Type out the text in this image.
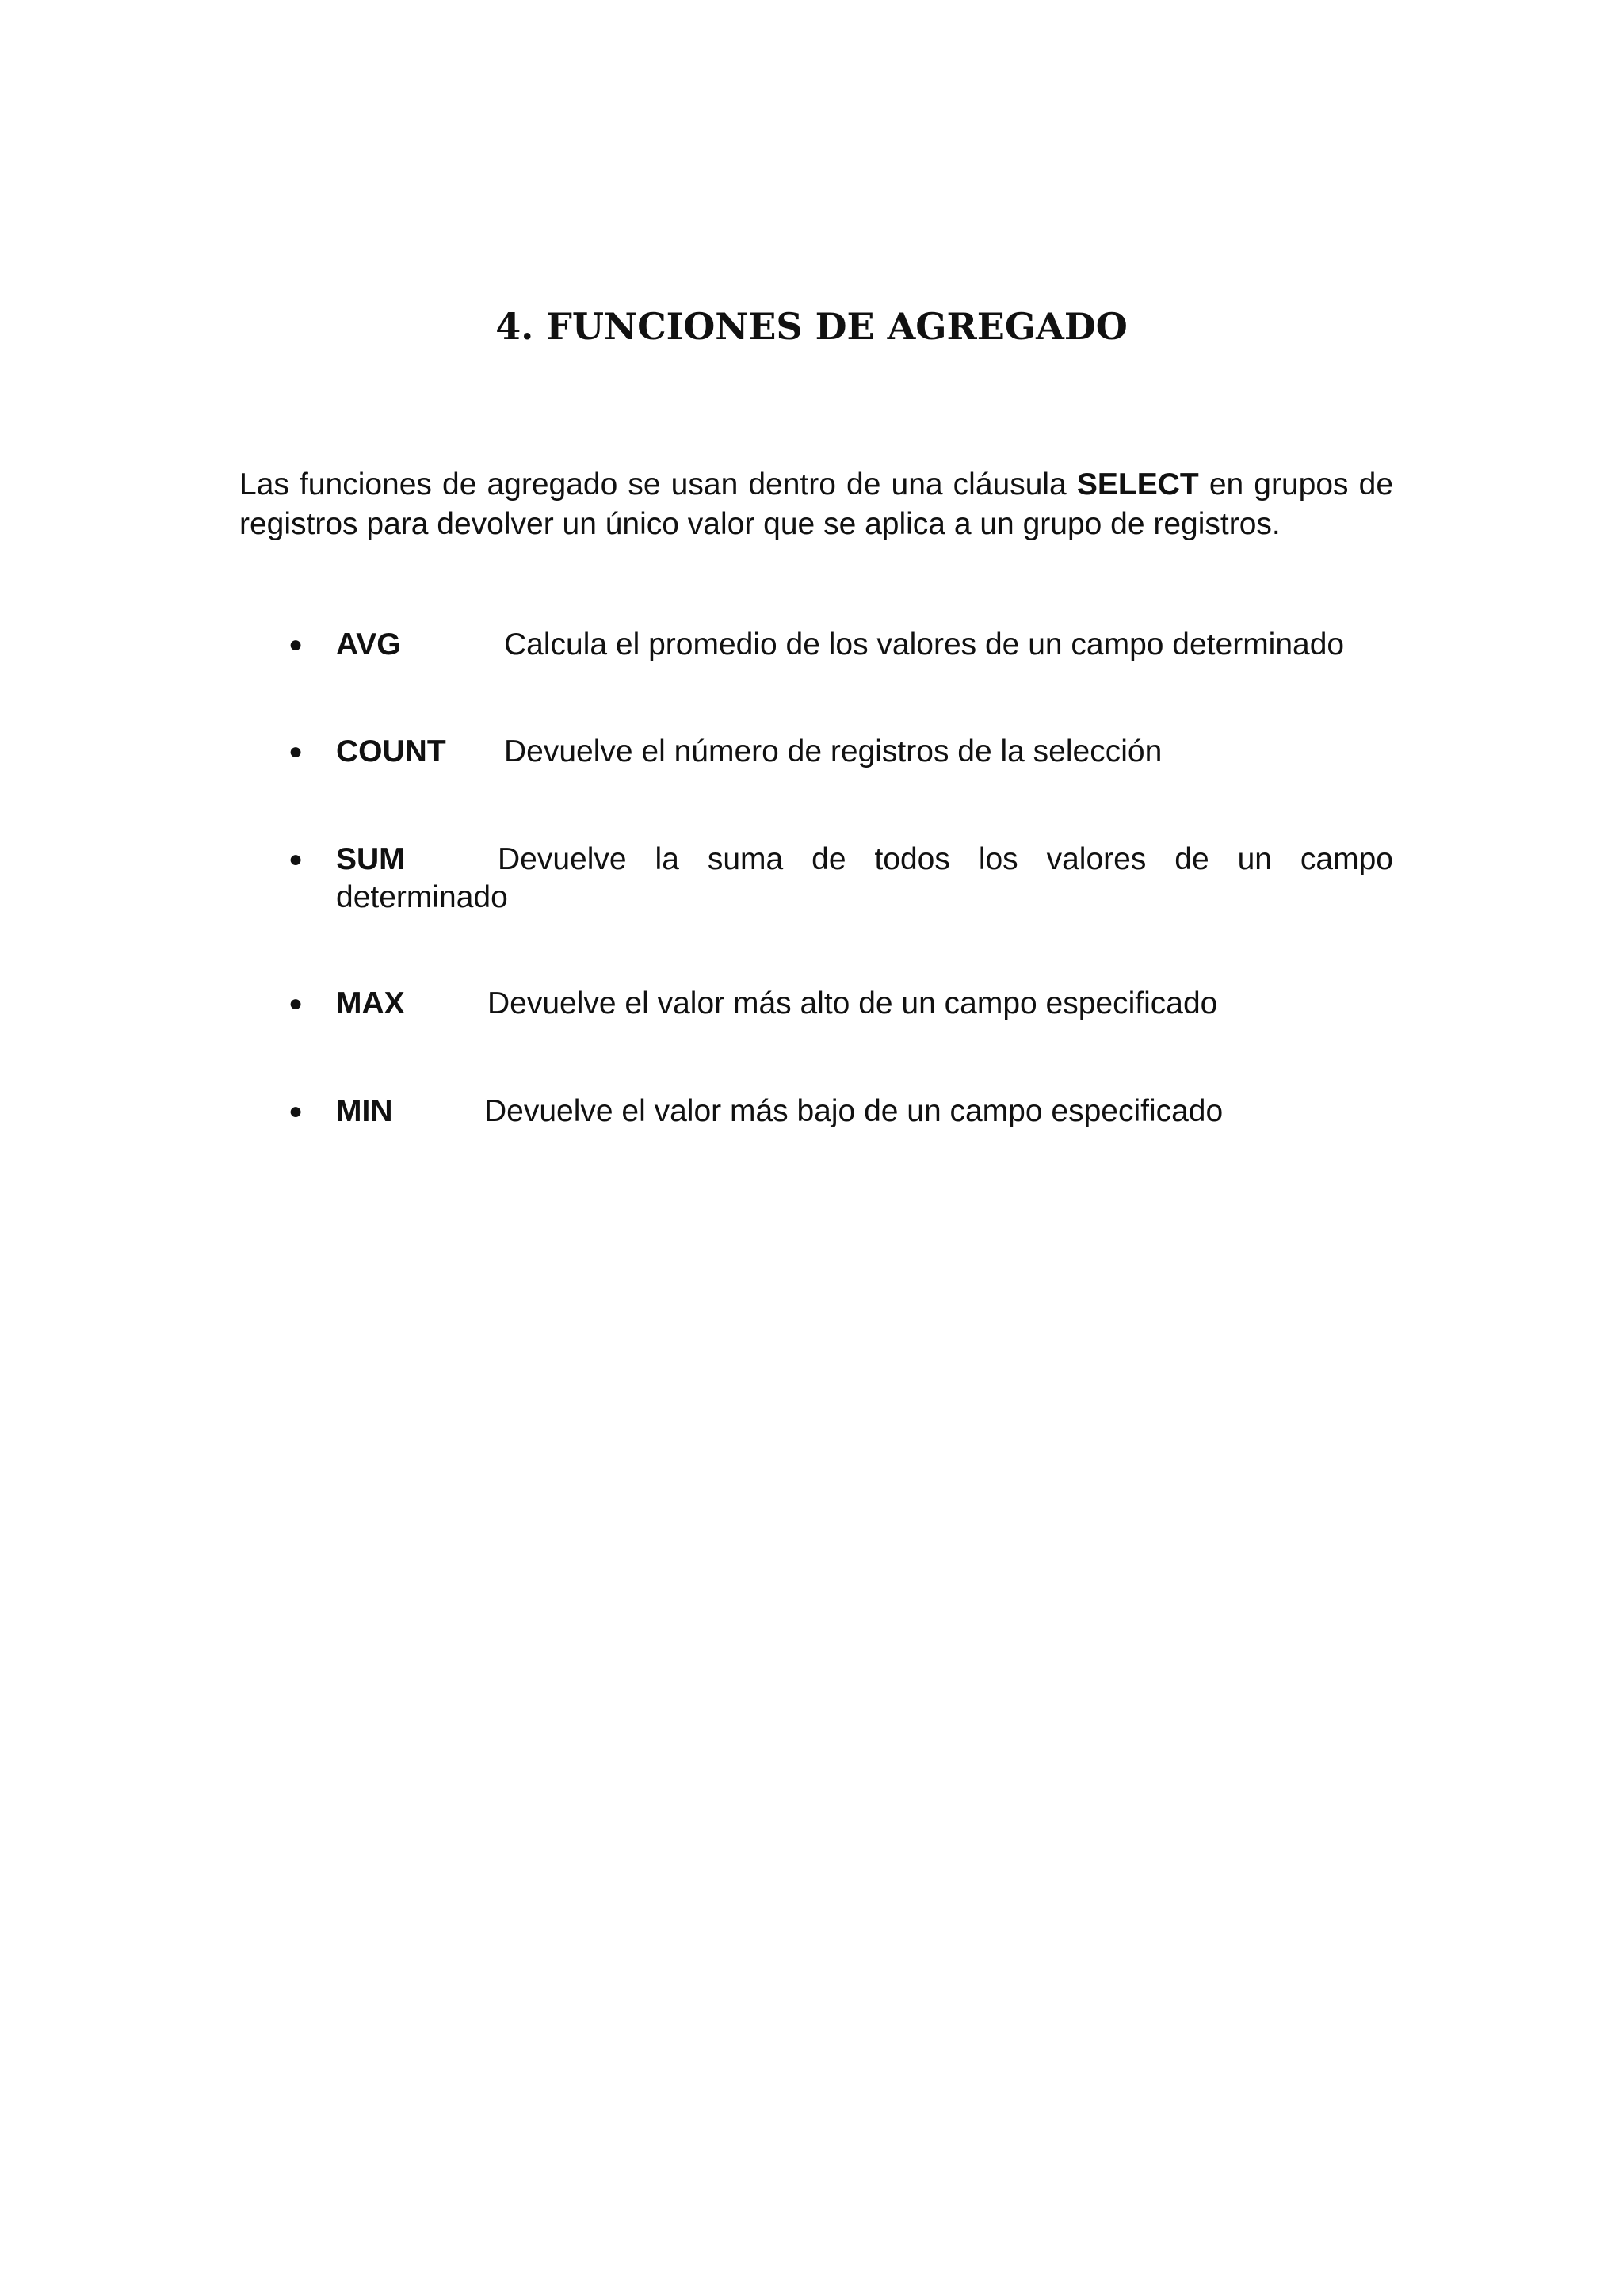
4. FUNCIONES DE AGREGADO

Las funciones de agregado se usan dentro de una cláusula SELECT en grupos de registros para devolver un único valor que se aplica a un grupo de registros.

● AVG	Calcula el promedio de los valores de un campo determinado
● COUNT Devuelve el número de registros de la selección
● SUM	Devuelve la suma de todos los valores de un campo determinado
● MAX	Devuelve el valor más alto de un campo especificado
● MIN	Devuelve el valor más bajo de un campo especificado
